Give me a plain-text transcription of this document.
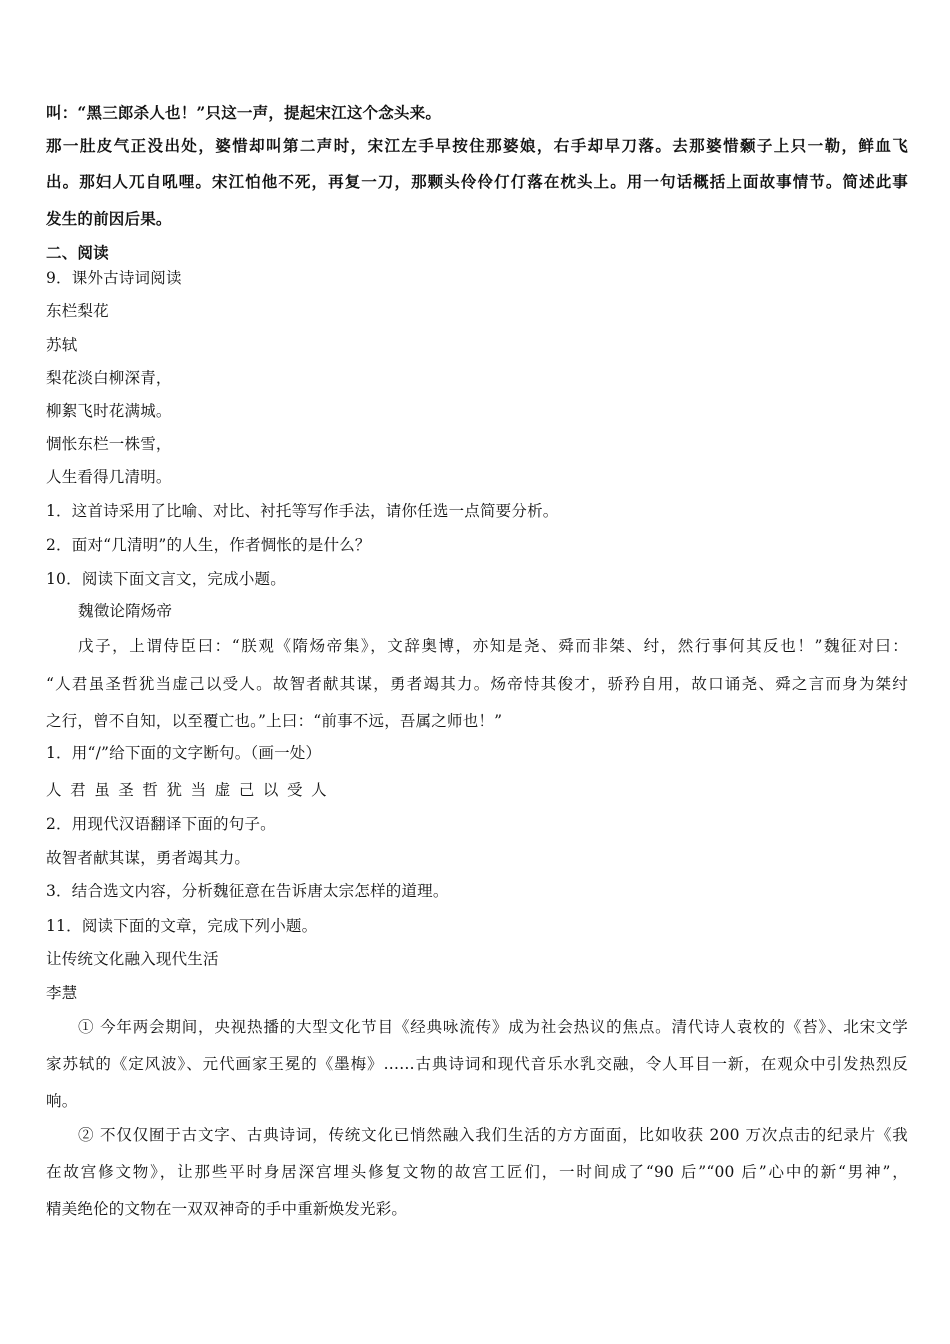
叫：“黑三郎杀人也！”只这一声，提起宋江这个念头来。
那一肚皮气正没出处，婆惜却叫第二声时，宋江左手早按住那婆娘，右手却早刀落。去那婆惜颡子上只一勒，鲜血飞
出。那妇人兀自吼哩。宋江怕他不死，再复一刀，那颗头伶伶仃仃落在枕头上。用一句话概括上面故事情节。简述此事
发生的前因后果。
二、阅读
9．课外古诗词阅读
东栏梨花
苏轼
梨花淡白柳深青，
柳絮飞时花满城。
惆怅东栏一株雪，
人生看得几清明。
1．这首诗采用了比喻、对比、衬托等写作手法，请你任选一点简要分析。
2．面对“几清明”的人生，作者惆怅的是什么？
10．阅读下面文言文，完成小题。
魏徵论隋炀帝
戊子，上谓侍臣曰：“朕观《隋炀帝集》，文辞奥博，亦知是尧、舜而非桀、纣，然行事何其反也！”魏征对曰：
“人君虽圣哲犹当虚己以受人。故智者献其谋，勇者竭其力。炀帝恃其俊才，骄矜自用，故口诵尧、舜之言而身为桀纣
之行，曾不自知，以至覆亡也。”上曰：“前事不远，吾属之师也！”
1．用“/”给下面的文字断句。（画一处）
人君虽圣哲犹当虚己以受人
2．用现代汉语翻译下面的句子。
故智者献其谋，勇者竭其力。
3．结合选文内容，分析魏征意在告诉唐太宗怎样的道理。
11．阅读下面的文章，完成下列小题。
让传统文化融入现代生活
李慧
① 今年两会期间，央视热播的大型文化节目《经典咏流传》成为社会热议的焦点。清代诗人袁枚的《苔》、北宋文学
家苏轼的《定风波》、元代画家王冕的《墨梅》……古典诗词和现代音乐水乳交融，令人耳目一新，在观众中引发热烈反
响。
② 不仅仅囿于古文字、古典诗词，传统文化已悄然融入我们生活的方方面面，比如收获 200 万次点击的纪录片《我
在故宫修文物》，让那些平时身居深宫埋头修复文物的故宫工匠们，一时间成了“90 后”“00 后”心中的新“男神”，
精美绝伦的文物在一双双神奇的手中重新焕发光彩。
